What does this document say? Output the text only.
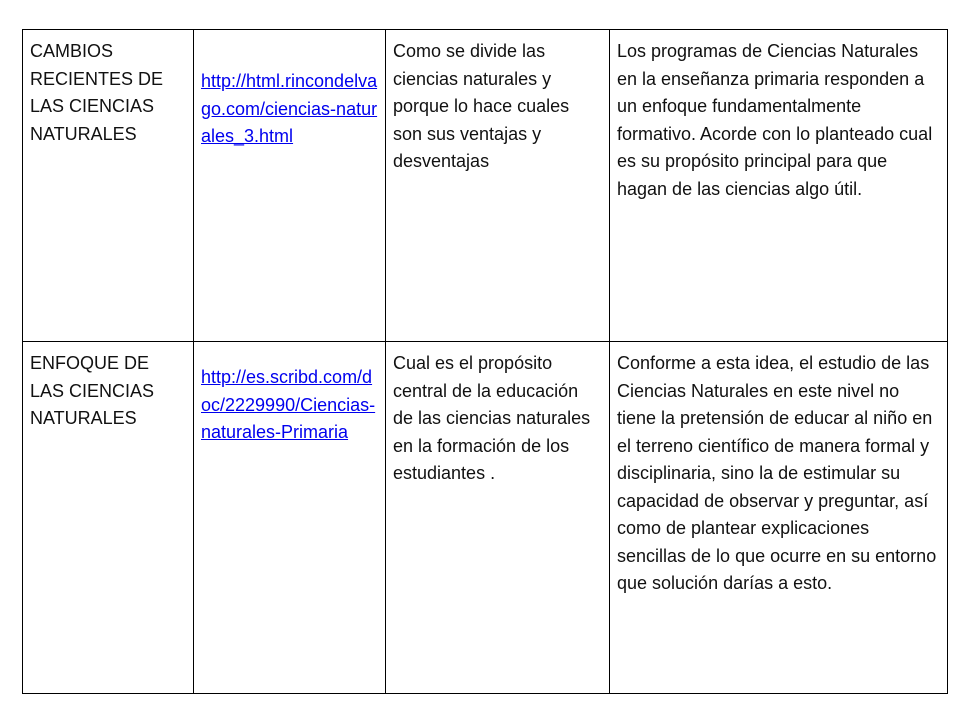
CAMBIOS RECIENTES DE LAS CIENCIAS NATURALES	http://html.rincondelvago.com/ciencias-naturales_3.html	Como se divide las ciencias naturales y porque lo hace cuales son sus ventajas y desventajas	Los programas de Ciencias Naturales en la enseñanza primaria responden a un enfoque fundamentalmente formativo. Acorde con lo planteado cual es su propósito principal para que hagan de las ciencias algo útil.
ENFOQUE DE LAS CIENCIAS NATURALES	http://es.scribd.com/doc/2229990/Ciencias-naturales-Primaria	Cual es el propósito central de la educación de las ciencias naturales en la formación de los estudiantes .	Conforme a esta idea, el estudio de las Ciencias Naturales en este nivel no tiene la pretensión de educar al niño en el terreno científico de manera formal y disciplinaria, sino la de estimular su capacidad de observar y preguntar, así como de plantear explicaciones sencillas de lo que ocurre en su entorno que solución darías a esto.
